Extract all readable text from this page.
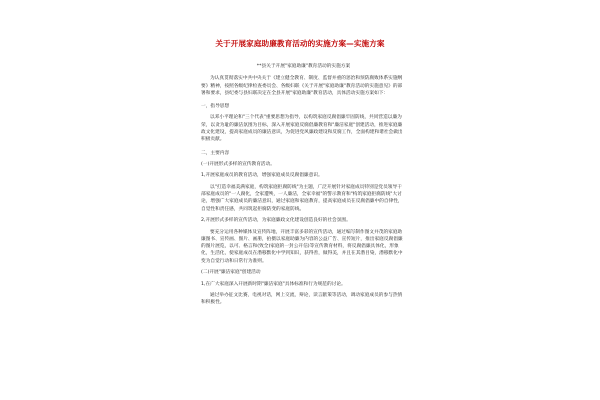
关于开展家庭助廉教育活动的实施方案—实施方案

**县关于开展"家庭助廉"教育活动的实施方案

为认真贯彻落实中共中央关于《建立健全教育、制度、监督并重的惩治和预防腐败体系实施纲要》精神，按照各级纪律检查委员会、各级妇联《关于开展"家庭助廉"教育活动的实施意见》的部署和要求，县纪委与县妇联决定在全县开展"家庭助廉"教育活动，具体活动实施方案如下：

一，指导思想

以邓小平理论和"三个代表"重要思想为指导，以构筑家庭反腐倡廉牢固防线，共同营造以廉为荣，以贪为耻的廉洁氛围为目标，深入开展家庭反腐倡廉教育和"廉洁家庭"创建活动，推进家庭廉政文化建设，提高家庭成员的廉洁意识，为促进党风廉政建设和反腐工作，全面构建和谐社会做出积极贡献。

二，主要内容

(一)开展形式多样的宣传教育活动。

1,开展家庭成员的教育活动，增强家庭成员反腐倡廉意识。

以"打造幸福美满家庭，构筑家庭拒腐防线"为主题，广泛开展针对家庭成员特别是党员领导干部家庭成员的"一人腐化，全家遭殃，一人廉洁，全家幸福"的警示教育和"构筑家庭拒腐防线"大讨论，增强广大家庭成员的廉洁意识，通过家庭和家庭教育，提高家庭成员在反腐倡廉中的自律性，自觉性和责任感，共同筑起拒腐防变的家庭防线。

2,开展形式多样的宣传活动，为家庭廉政文化建设创造良好的社会氛围。

要充分运用各种媒体及宣传阵地，开展丰富多彩的宣传活动，通过编写制作图文并茂的家庭助廉图书、宣传画、图片、画册，拍摄以家庭助廉为内容的公益广告、宣传短片，推出家庭反腐倡廉的图片展览，以可、格言和(致全)家庭的一封公开信)等宣传教育材料，将反腐倡廉具体化，形象化，生活化，使家庭成员在潜移默化中学到知识，获得善，做得美，并且在其潜目染，潜移默化中变为自觉行动和日常行为准则。

(二)开展"廉洁家庭"创建活动

1,在广大家庭深入开展新时期"廉洁家庭"具体标准和行为规范的讨论。

通过举办征文比赛，电视对话，网上交流，辩论，读言献策等活动，调动家庭成员的参与热情和积极性。
